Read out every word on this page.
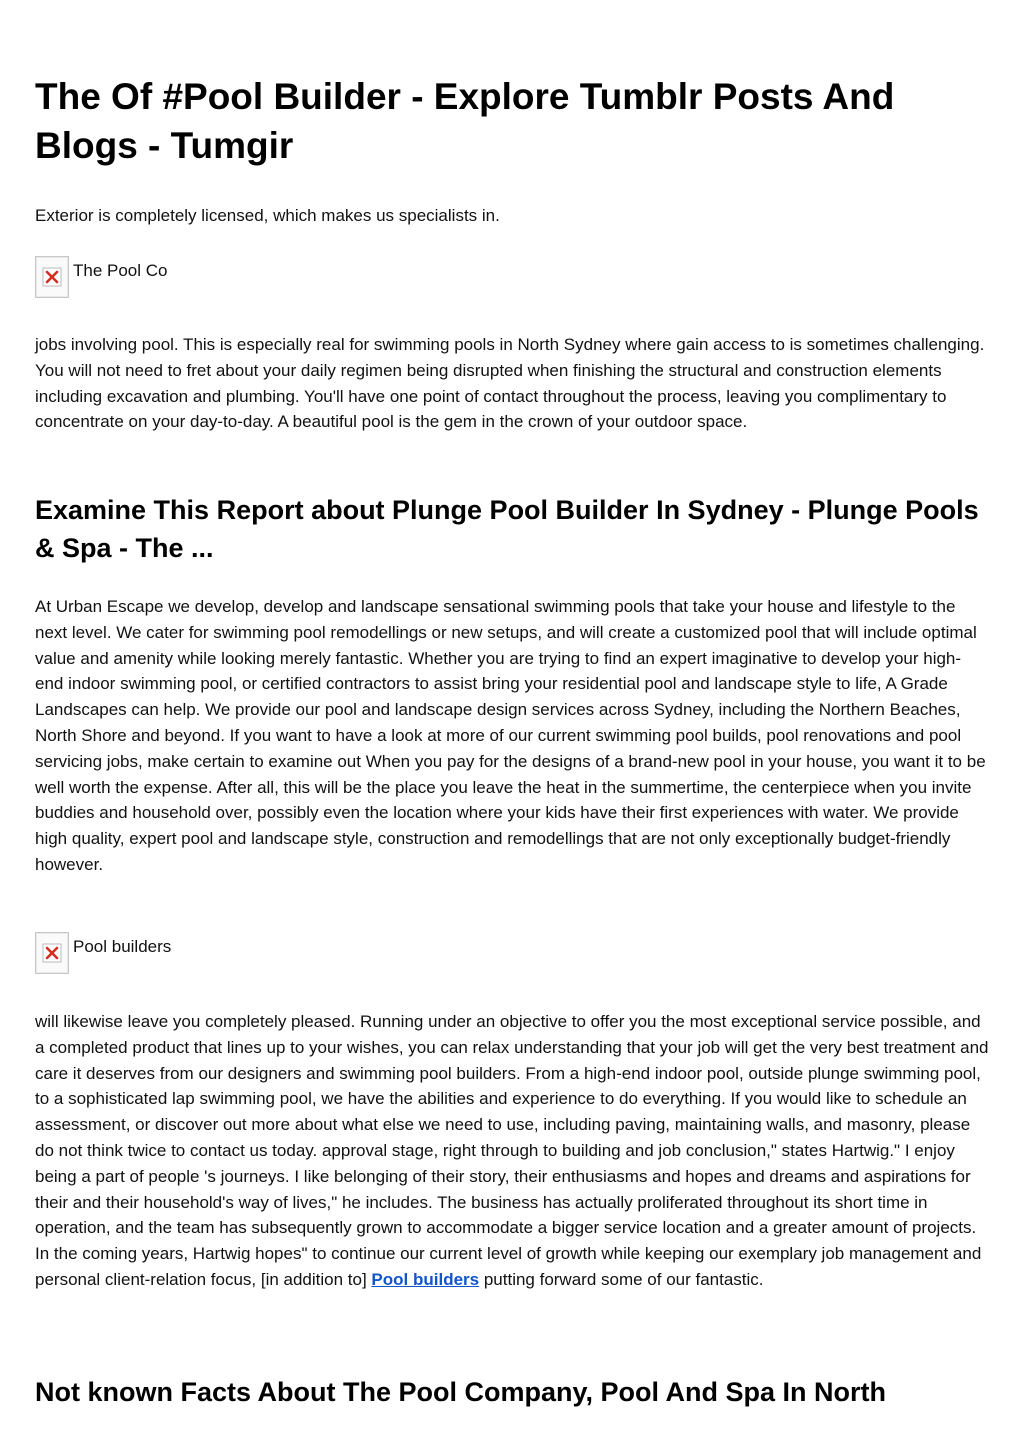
The Of #Pool Builder - Explore Tumblr Posts And Blogs - Tumgir

Exterior is completely licensed, which makes us specialists in.

The Pool Co

jobs involving pool. This is especially real for swimming pools in North Sydney where gain access to is sometimes challenging. You will not need to fret about your daily regimen being disrupted when finishing the structural and construction elements including excavation and plumbing. You'll have one point of contact throughout the process, leaving you complimentary to concentrate on your day-to-day. A beautiful pool is the gem in the crown of your outdoor space.

Examine This Report about Plunge Pool Builder In Sydney - Plunge Pools & Spa - The ...

At Urban Escape we develop, develop and landscape sensational swimming pools that take your house and lifestyle to the next level. We cater for swimming pool remodellings or new setups, and will create a customized pool that will include optimal value and amenity while looking merely fantastic. Whether you are trying to find an expert imaginative to develop your high-end indoor swimming pool, or certified contractors to assist bring your residential pool and landscape style to life, A Grade Landscapes can help. We provide our pool and landscape design services across Sydney, including the Northern Beaches, North Shore and beyond. If you want to have a look at more of our current swimming pool builds, pool renovations and pool servicing jobs, make certain to examine out When you pay for the designs of a brand-new pool in your house, you want it to be well worth the expense. After all, this will be the place you leave the heat in the summertime, the centerpiece when you invite buddies and household over, possibly even the location where your kids have their first experiences with water. We provide high quality, expert pool and landscape style, construction and remodellings that are not only exceptionally budget-friendly however.

Pool builders

will likewise leave you completely pleased. Running under an objective to offer you the most exceptional service possible, and a completed product that lines up to your wishes, you can relax understanding that your job will get the very best treatment and care it deserves from our designers and swimming pool builders. From a high-end indoor pool, outside plunge swimming pool, to a sophisticated lap swimming pool, we have the abilities and experience to do everything. If you would like to schedule an assessment, or discover out more about what else we need to use, including paving, maintaining walls, and masonry, please do not think twice to contact us today. approval stage, right through to building and job conclusion," states Hartwig." I enjoy being a part of people 's journeys. I like belonging of their story, their enthusiasms and hopes and dreams and aspirations for their and their household's way of lives," he includes. The business has actually proliferated throughout its short time in operation, and the team has subsequently grown to accommodate a bigger service location and a greater amount of projects. In the coming years, Hartwig hopes" to continue our current level of growth while keeping our exemplary job management and personal client-relation focus, [in addition to] Pool builders putting forward some of our fantastic.

Not known Facts About The Pool Company, Pool And Spa In North
